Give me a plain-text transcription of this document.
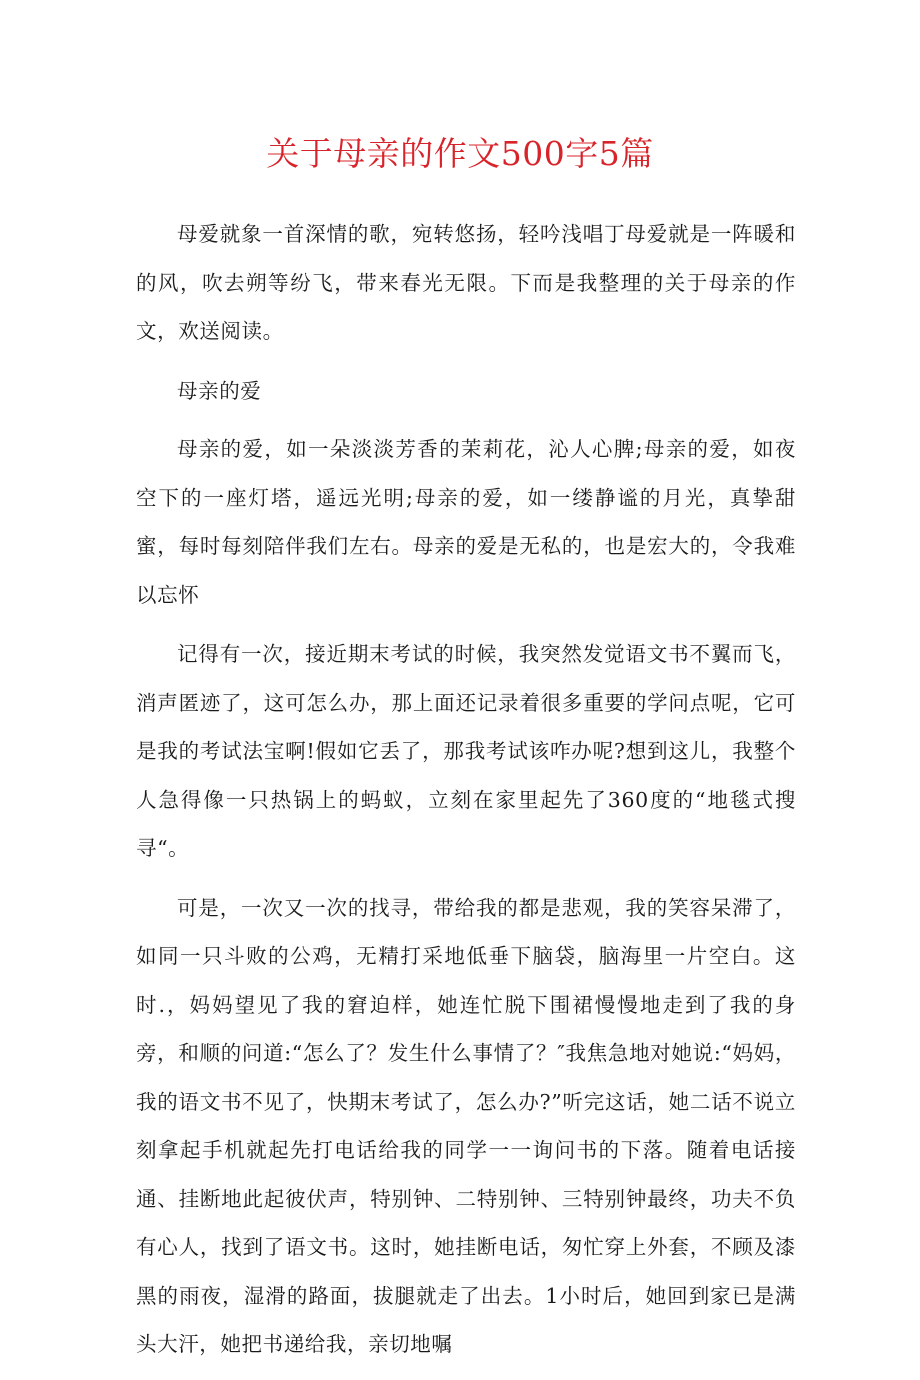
关于母亲的作文500字5篇

母爱就象一首深情的歌，宛转悠扬，轻吟浅唱丁母爱就是一阵暖和的风，吹去朔等纷飞，带来春光无限。下而是我整理的关于母亲的作文，欢送阅读。

母亲的爱

母亲的爱，如一朵淡淡芳香的茉莉花，沁人心脾;母亲的爱，如夜空下的一座灯塔，遥远光明;母亲的爱，如一缕静谧的月光，真挚甜蜜，每时每刻陪伴我们左右。母亲的爱是无私的，也是宏大的，令我难以忘怀

记得有一次，接近期末考试的时候，我突然发觉语文书不翼而飞，消声匿迹了，这可怎么办，那上面还记录着很多重要的学问点呢，它可是我的考试法宝啊!假如它丢了，那我考试该咋办呢?想到这儿，我整个人急得像一只热锅上的蚂蚁，立刻在家里起先了360度的“地毯式搜寻“。

可是，一次又一次的找寻，带给我的都是悲观，我的笑容呆滞了，如同一只斗败的公鸡，无精打采地低垂下脑袋，脑海里一片空白。这时.，妈妈望见了我的窘迫样，她连忙脱下围裙慢慢地走到了我的身旁，和顺的问道:“怎么了？发生什么事情了？″我焦急地对她说:“妈妈，我的语文书不见了，快期末考试了，怎么办?”听完这话，她二话不说立刻拿起手机就起先打电话给我的同学一一询问书的下落。随着电话接通、挂断地此起彼伏声，特别钟、二特别钟、三特别钟最终，功夫不负有心人，找到了语文书。这时，她挂断电话，匆忙穿上外套，不顾及漆黑的雨夜，湿滑的路面，拔腿就走了出去。1小时后，她回到家已是满头大汗，她把书递给我，亲切地嘱
